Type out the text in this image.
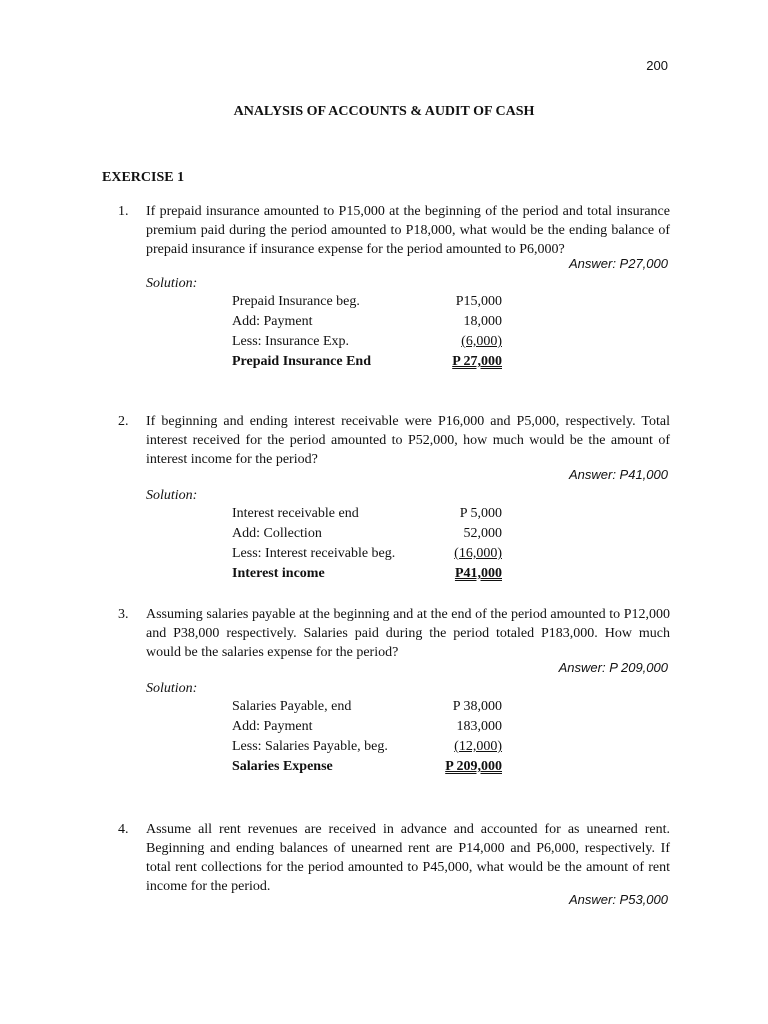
200
ANALYSIS OF ACCOUNTS & AUDIT OF CASH
EXERCISE 1
1. If prepaid insurance amounted to P15,000 at the beginning of the period and total insurance premium paid during the period amounted to P18,000, what would be the ending balance of prepaid insurance if insurance expense for the period amounted to P6,000?
Answer: P27,000
Solution:
Prepaid Insurance beg.	P15,000
Add: Payment	18,000
Less: Insurance Exp.	(6,000)
Prepaid Insurance End	P 27,000
2. If beginning and ending interest receivable were P16,000 and P5,000, respectively. Total interest received for the period amounted to P52,000, how much would be the amount of interest income for the period?
Answer: P41,000
Solution:
Interest receivable end	P 5,000
Add: Collection	52,000
Less: Interest receivable beg.	(16,000)
Interest income	P41,000
3. Assuming salaries payable at the beginning and at the end of the period amounted to P12,000 and P38,000 respectively. Salaries paid during the period totaled P183,000. How much would be the salaries expense for the period?
Answer: P 209,000
Solution:
Salaries Payable, end	P 38,000
Add: Payment	183,000
Less: Salaries Payable, beg.	(12,000)
Salaries Expense	P 209,000
4. Assume all rent revenues are received in advance and accounted for as unearned rent. Beginning and ending balances of unearned rent are P14,000 and P6,000, respectively. If total rent collections for the period amounted to P45,000, what would be the amount of rent income for the period.
Answer: P53,000
